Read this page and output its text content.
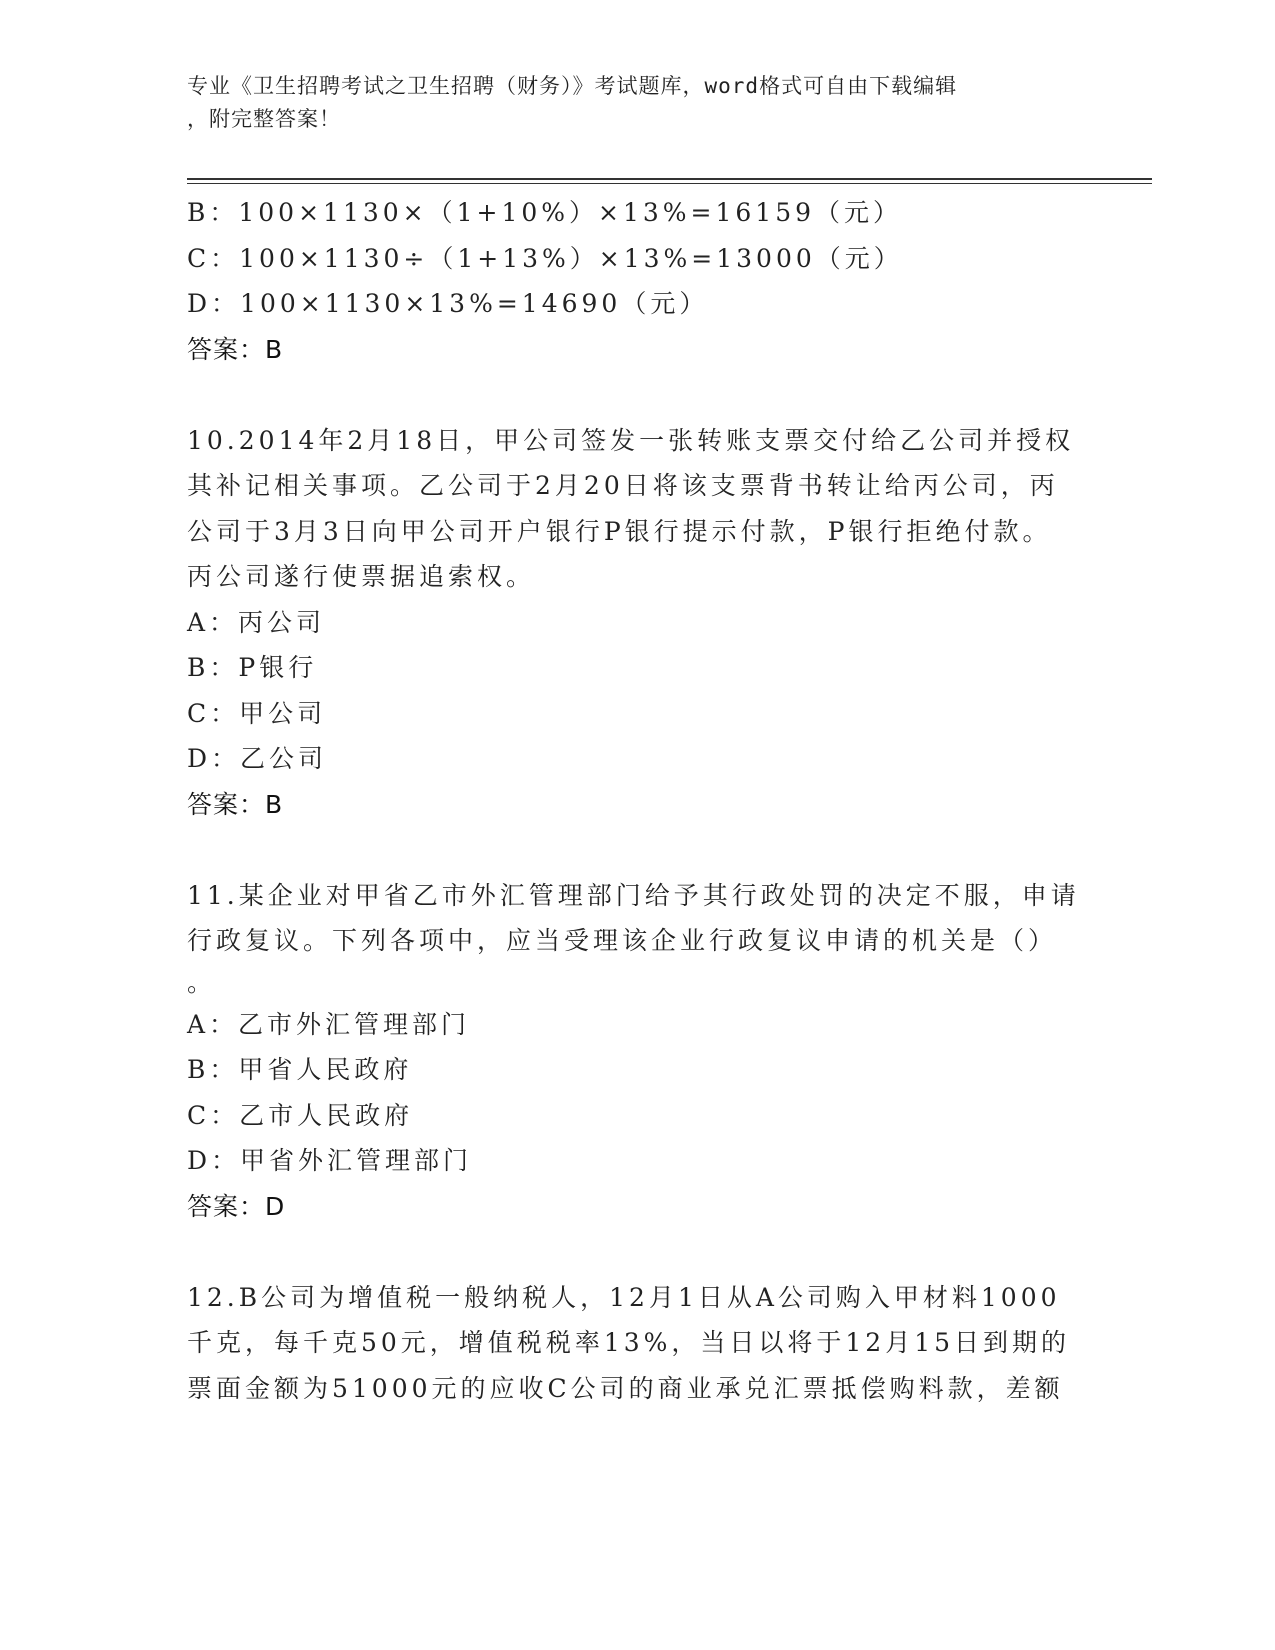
专业《卫生招聘考试之卫生招聘（财务）》考试题库，word格式可自由下载编辑
，附完整答案！
B：100×1130×（1+10%）×13%=16159（元）
C：100×1130÷（1+13%）×13%=13000（元）
D：100×1130×13%=14690（元）
答案：B
10.2014年2月18日，甲公司签发一张转账支票交付给乙公司并授权
其补记相关事项。乙公司于2月20日将该支票背书转让给丙公司，丙
公司于3月3日向甲公司开户银行P银行提示付款，P银行拒绝付款。
丙公司遂行使票据追索权。
A：丙公司
B：P银行
C：甲公司
D：乙公司
答案：B
11.某企业对甲省乙市外汇管理部门给予其行政处罚的决定不服，申请
行政复议。下列各项中，应当受理该企业行政复议申请的机关是（）
。
A：乙市外汇管理部门
B：甲省人民政府
C：乙市人民政府
D：甲省外汇管理部门
答案：D
12.B公司为增值税一般纳税人，12月1日从A公司购入甲材料1000
千克，每千克50元，增值税税率13%，当日以将于12月15日到期的
票面金额为51000元的应收C公司的商业承兑汇票抵偿购料款，差额
